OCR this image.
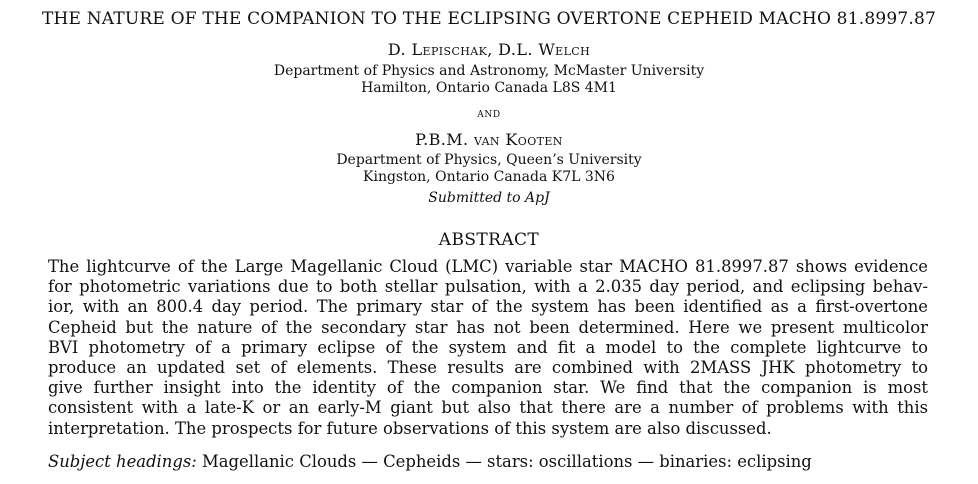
THE NATURE OF THE COMPANION TO THE ECLIPSING OVERTONE CEPHEID MACHO 81.8997.87
D. Lepischak, D.L. Welch
Department of Physics and Astronomy, McMaster University
Hamilton, Ontario Canada L8S 4M1
and
P.B.M. van Kooten
Department of Physics, Queen’s University
Kingston, Ontario Canada K7L 3N6
Submitted to ApJ
ABSTRACT
The lightcurve of the Large Magellanic Cloud (LMC) variable star MACHO 81.8997.87 shows evidence
for photometric variations due to both stellar pulsation, with a 2.035 day period, and eclipsing behav-
ior, with an 800.4 day period. The primary star of the system has been identified as a first-overtone
Cepheid but the nature of the secondary star has not been determined. Here we present multicolor
BVI photometry of a primary eclipse of the system and fit a model to the complete lightcurve to
produce an updated set of elements. These results are combined with 2MASS JHK photometry to
give further insight into the identity of the companion star. We find that the companion is most
consistent with a late-K or an early-M giant but also that there are a number of problems with this
interpretation. The prospects for future observations of this system are also discussed.
Subject headings: Magellanic Clouds — Cepheids — stars: oscillations — binaries: eclipsing
